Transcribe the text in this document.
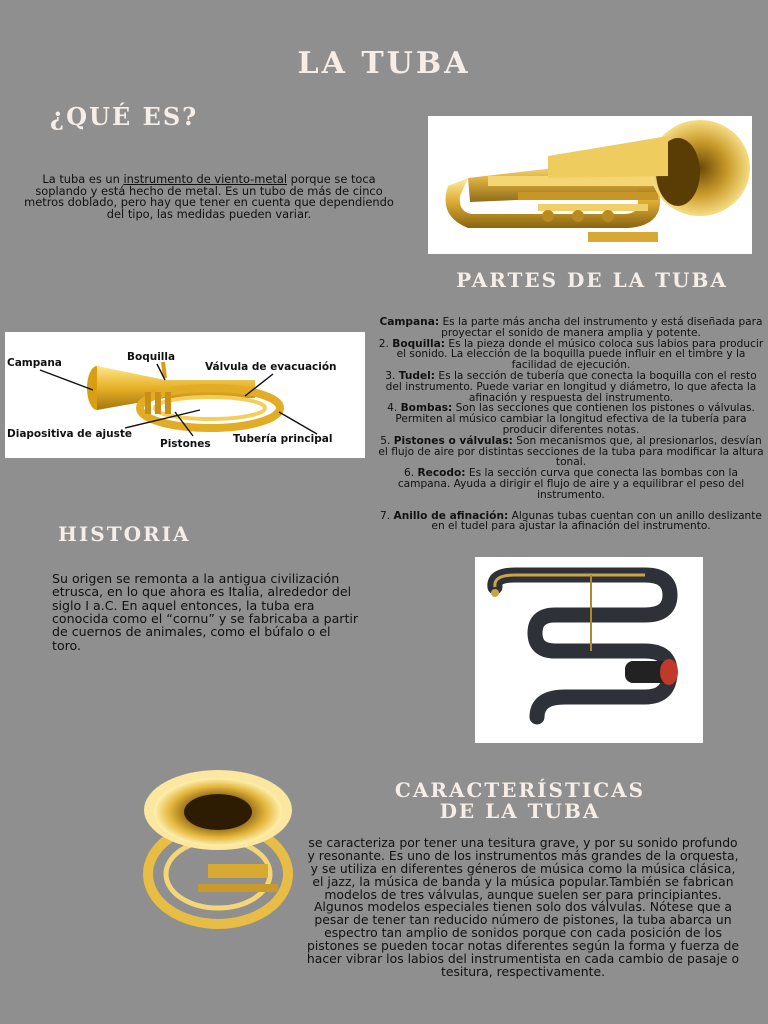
LA TUBA
¿QUÉ ES?
La tuba es un instrumento de viento-metal porque se toca soplando y está hecho de metal. Es un tubo de más de cinco metros doblado, pero hay que tener en cuenta que dependiendo del tipo, las medidas pueden variar.
PARTES DE LA TUBA

Campana: Es la parte más ancha del instrumento y está diseñada para proyectar el sonido de manera amplia y potente.

2. Boquilla: Es la pieza donde el músico coloca sus labios para producir el sonido. La elección de la boquilla puede influir en el timbre y la facilidad de ejecución.

3. Tudel: Es la sección de tubería que conecta la boquilla con el resto del instrumento. Puede variar en longitud y diámetro, lo que afecta la afinación y respuesta del instrumento.

4. Bombas: Son las secciones que contienen los pistones o válvulas. Permiten al músico cambiar la longitud efectiva de la tubería para producir diferentes notas.

5. Pistones o válvulas: Son mecanismos que, al presionarlos, desvían el flujo de aire por distintas secciones de la tuba para modificar la altura tonal.

6. Recodo: Es la sección curva que conecta las bombas con la campana. Ayuda a dirigir el flujo de aire y a equilibrar el peso del instrumento.

7. Anillo de afinación: Algunas tubas cuentan con un anillo deslizante en el tudel para ajustar la afinación del instrumento.

Campana	Boquilla
Válvula de evacuación
Diapositiva de ajuste
Pistones Tubería principal
HISTORIA
Su origen se remonta a la antigua civilización etrusca, en lo que ahora es Italia, alrededor del siglo I a.C. En aquel entonces, la tuba era conocida como el “cornu” y se fabricaba a partir de cuernos de animales, como el búfalo o el toro.
CARACTERÍSTICAS
DE LA TUBA
se caracteriza por tener una tesitura grave, y por su sonido profundo y resonante. Es uno de los instrumentos más grandes de la orquesta, y se utiliza en diferentes géneros de música como la música clásica, el jazz, la música de banda y la música popular.También se fabrican modelos de tres válvulas, aunque suelen ser para principiantes. Algunos modelos especiales tienen solo dos válvulas. Nótese que a pesar de tener tan reducido número de pistones, la tuba abarca un espectro tan amplio de sonidos porque con cada posición de los pistones se pueden tocar notas diferentes según la forma y fuerza de hacer vibrar los labios del instrumentista en cada cambio de pasaje o tesitura, respectivamente.
